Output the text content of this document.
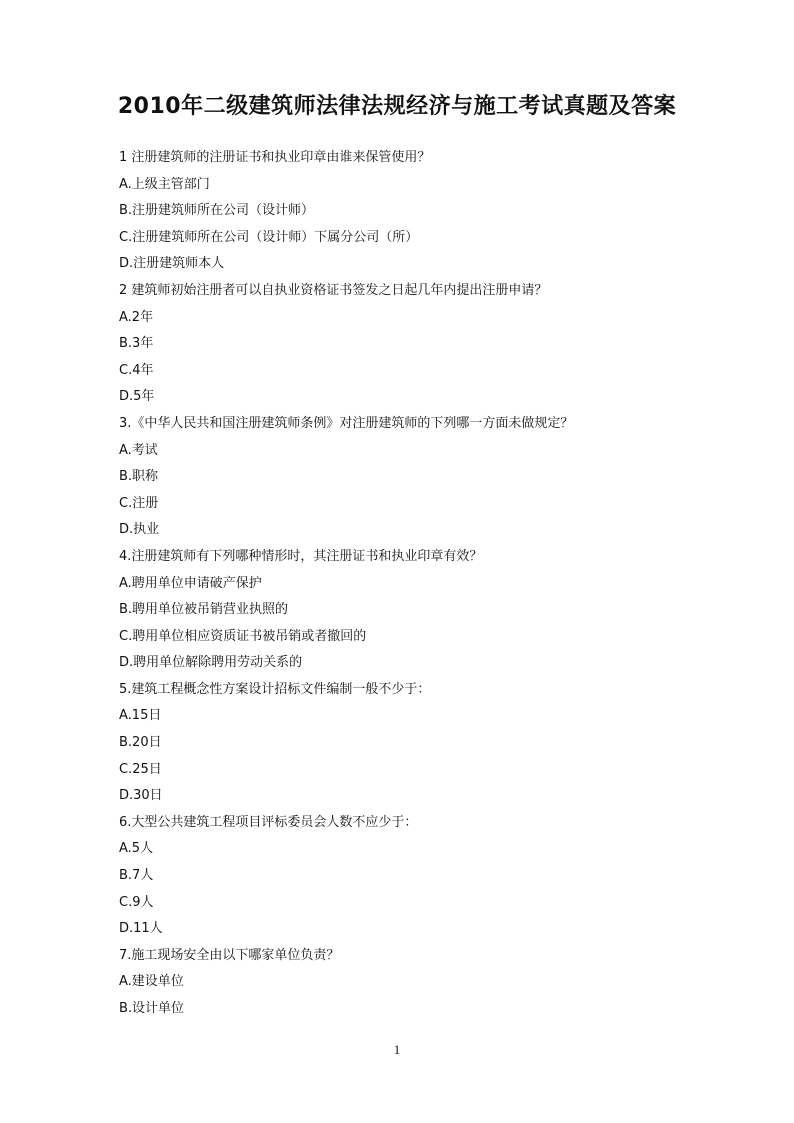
2010年二级建筑师法律法规经济与施工考试真题及答案
1 注册建筑师的注册证书和执业印章由谁来保管使用？
A.上级主管部门
B.注册建筑师所在公司（设计师）
C.注册建筑师所在公司（设计师）下属分公司（所）
D.注册建筑师本人
2 建筑师初始注册者可以自执业资格证书签发之日起几年内提出注册申请？
A.2年
B.3年
C.4年
D.5年
3.《中华人民共和国注册建筑师条例》对注册建筑师的下列哪一方面未做规定？
A.考试
B.职称
C.注册
D.执业
4.注册建筑师有下列哪种情形时，其注册证书和执业印章有效？
A.聘用单位申请破产保护
B.聘用单位被吊销营业执照的
C.聘用单位相应资质证书被吊销或者撤回的
D.聘用单位解除聘用劳动关系的
5.建筑工程概念性方案设计招标文件编制一般不少于：
A.15日
B.20日
C.25日
D.30日
6.大型公共建筑工程项目评标委员会人数不应少于：
A.5人
B.7人
C.9人
D.11人
7.施工现场安全由以下哪家单位负责？
A.建设单位
B.设计单位
1
